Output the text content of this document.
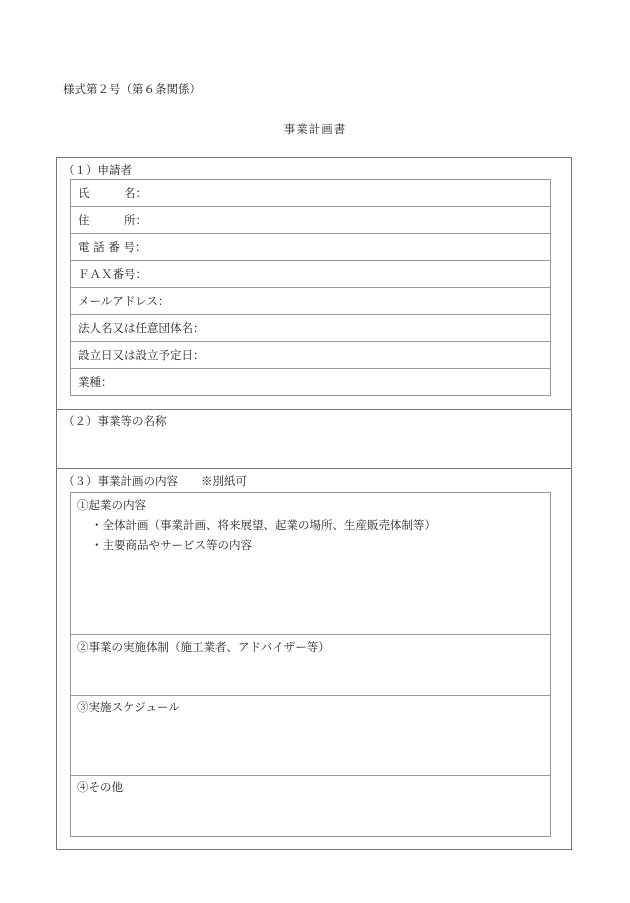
様式第２号（第６条関係）
事業計画書
（１）申請者
氏　　　名：
住　　　所：
電 話 番 号：
ＦＡＸ番号：
メールアドレス：
法人名又は任意団体名：
設立日又は設立予定日：
業種：
（２）事業等の名称
（３）事業計画の内容　　※別紙可
①起業の内容
・全体計画（事業計画、将来展望、起業の場所、生産販売体制等）
・主要商品やサービス等の内容
②事業の実施体制（施工業者、アドバイザー等）
③実施スケジュール
④その他
